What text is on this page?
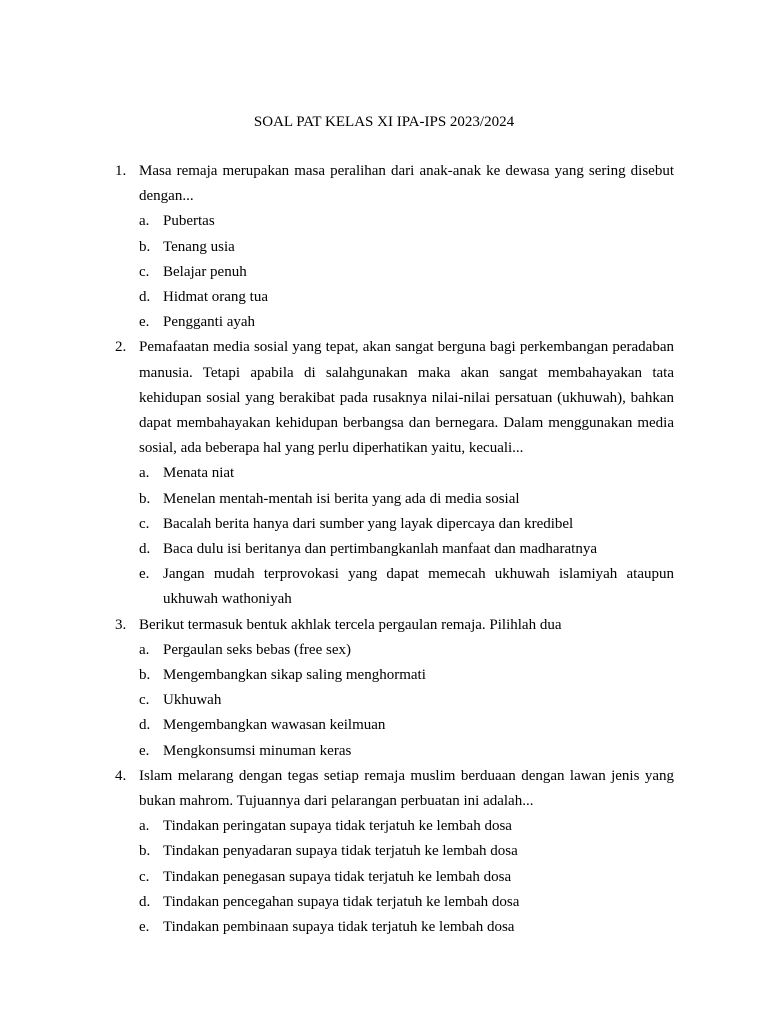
SOAL PAT KELAS XI IPA-IPS 2023/2024
1. Masa remaja merupakan masa peralihan dari anak-anak ke dewasa yang sering disebut dengan...
a. Pubertas
b. Tenang usia
c. Belajar penuh
d. Hidmat orang tua
e. Pengganti ayah
2. Pemafaatan media sosial yang tepat, akan sangat berguna bagi perkembangan peradaban manusia. Tetapi apabila di salahgunakan maka akan sangat membahayakan tata kehidupan sosial yang berakibat pada rusaknya nilai-nilai persatuan (ukhuwah), bahkan dapat membahayakan kehidupan berbangsa dan bernegara. Dalam menggunakan media sosial, ada beberapa hal yang perlu diperhatikan yaitu, kecuali...
a. Menata niat
b. Menelan mentah-mentah isi berita yang ada di media sosial
c. Bacalah berita hanya dari sumber yang layak dipercaya dan kredibel
d. Baca dulu isi beritanya dan pertimbangkanlah manfaat dan madharatnya
e. Jangan mudah terprovokasi yang dapat memecah ukhuwah islamiyah ataupun ukhuwah wathoniyah
3. Berikut termasuk bentuk akhlak tercela pergaulan remaja. Pilihlah dua
a. Pergaulan seks bebas (free sex)
b. Mengembangkan sikap saling menghormati
c. Ukhuwah
d. Mengembangkan wawasan keilmuan
e. Mengkonsumsi minuman keras
4. Islam melarang dengan tegas setiap remaja muslim berduaan dengan lawan jenis yang bukan mahrom. Tujuannya dari pelarangan perbuatan ini adalah...
a. Tindakan peringatan supaya tidak terjatuh ke lembah dosa
b. Tindakan penyadaran supaya tidak terjatuh ke lembah dosa
c. Tindakan penegasan supaya tidak terjatuh ke lembah dosa
d. Tindakan pencegahan supaya tidak terjatuh ke lembah dosa
e. Tindakan pembinaan supaya tidak terjatuh ke lembah dosa
